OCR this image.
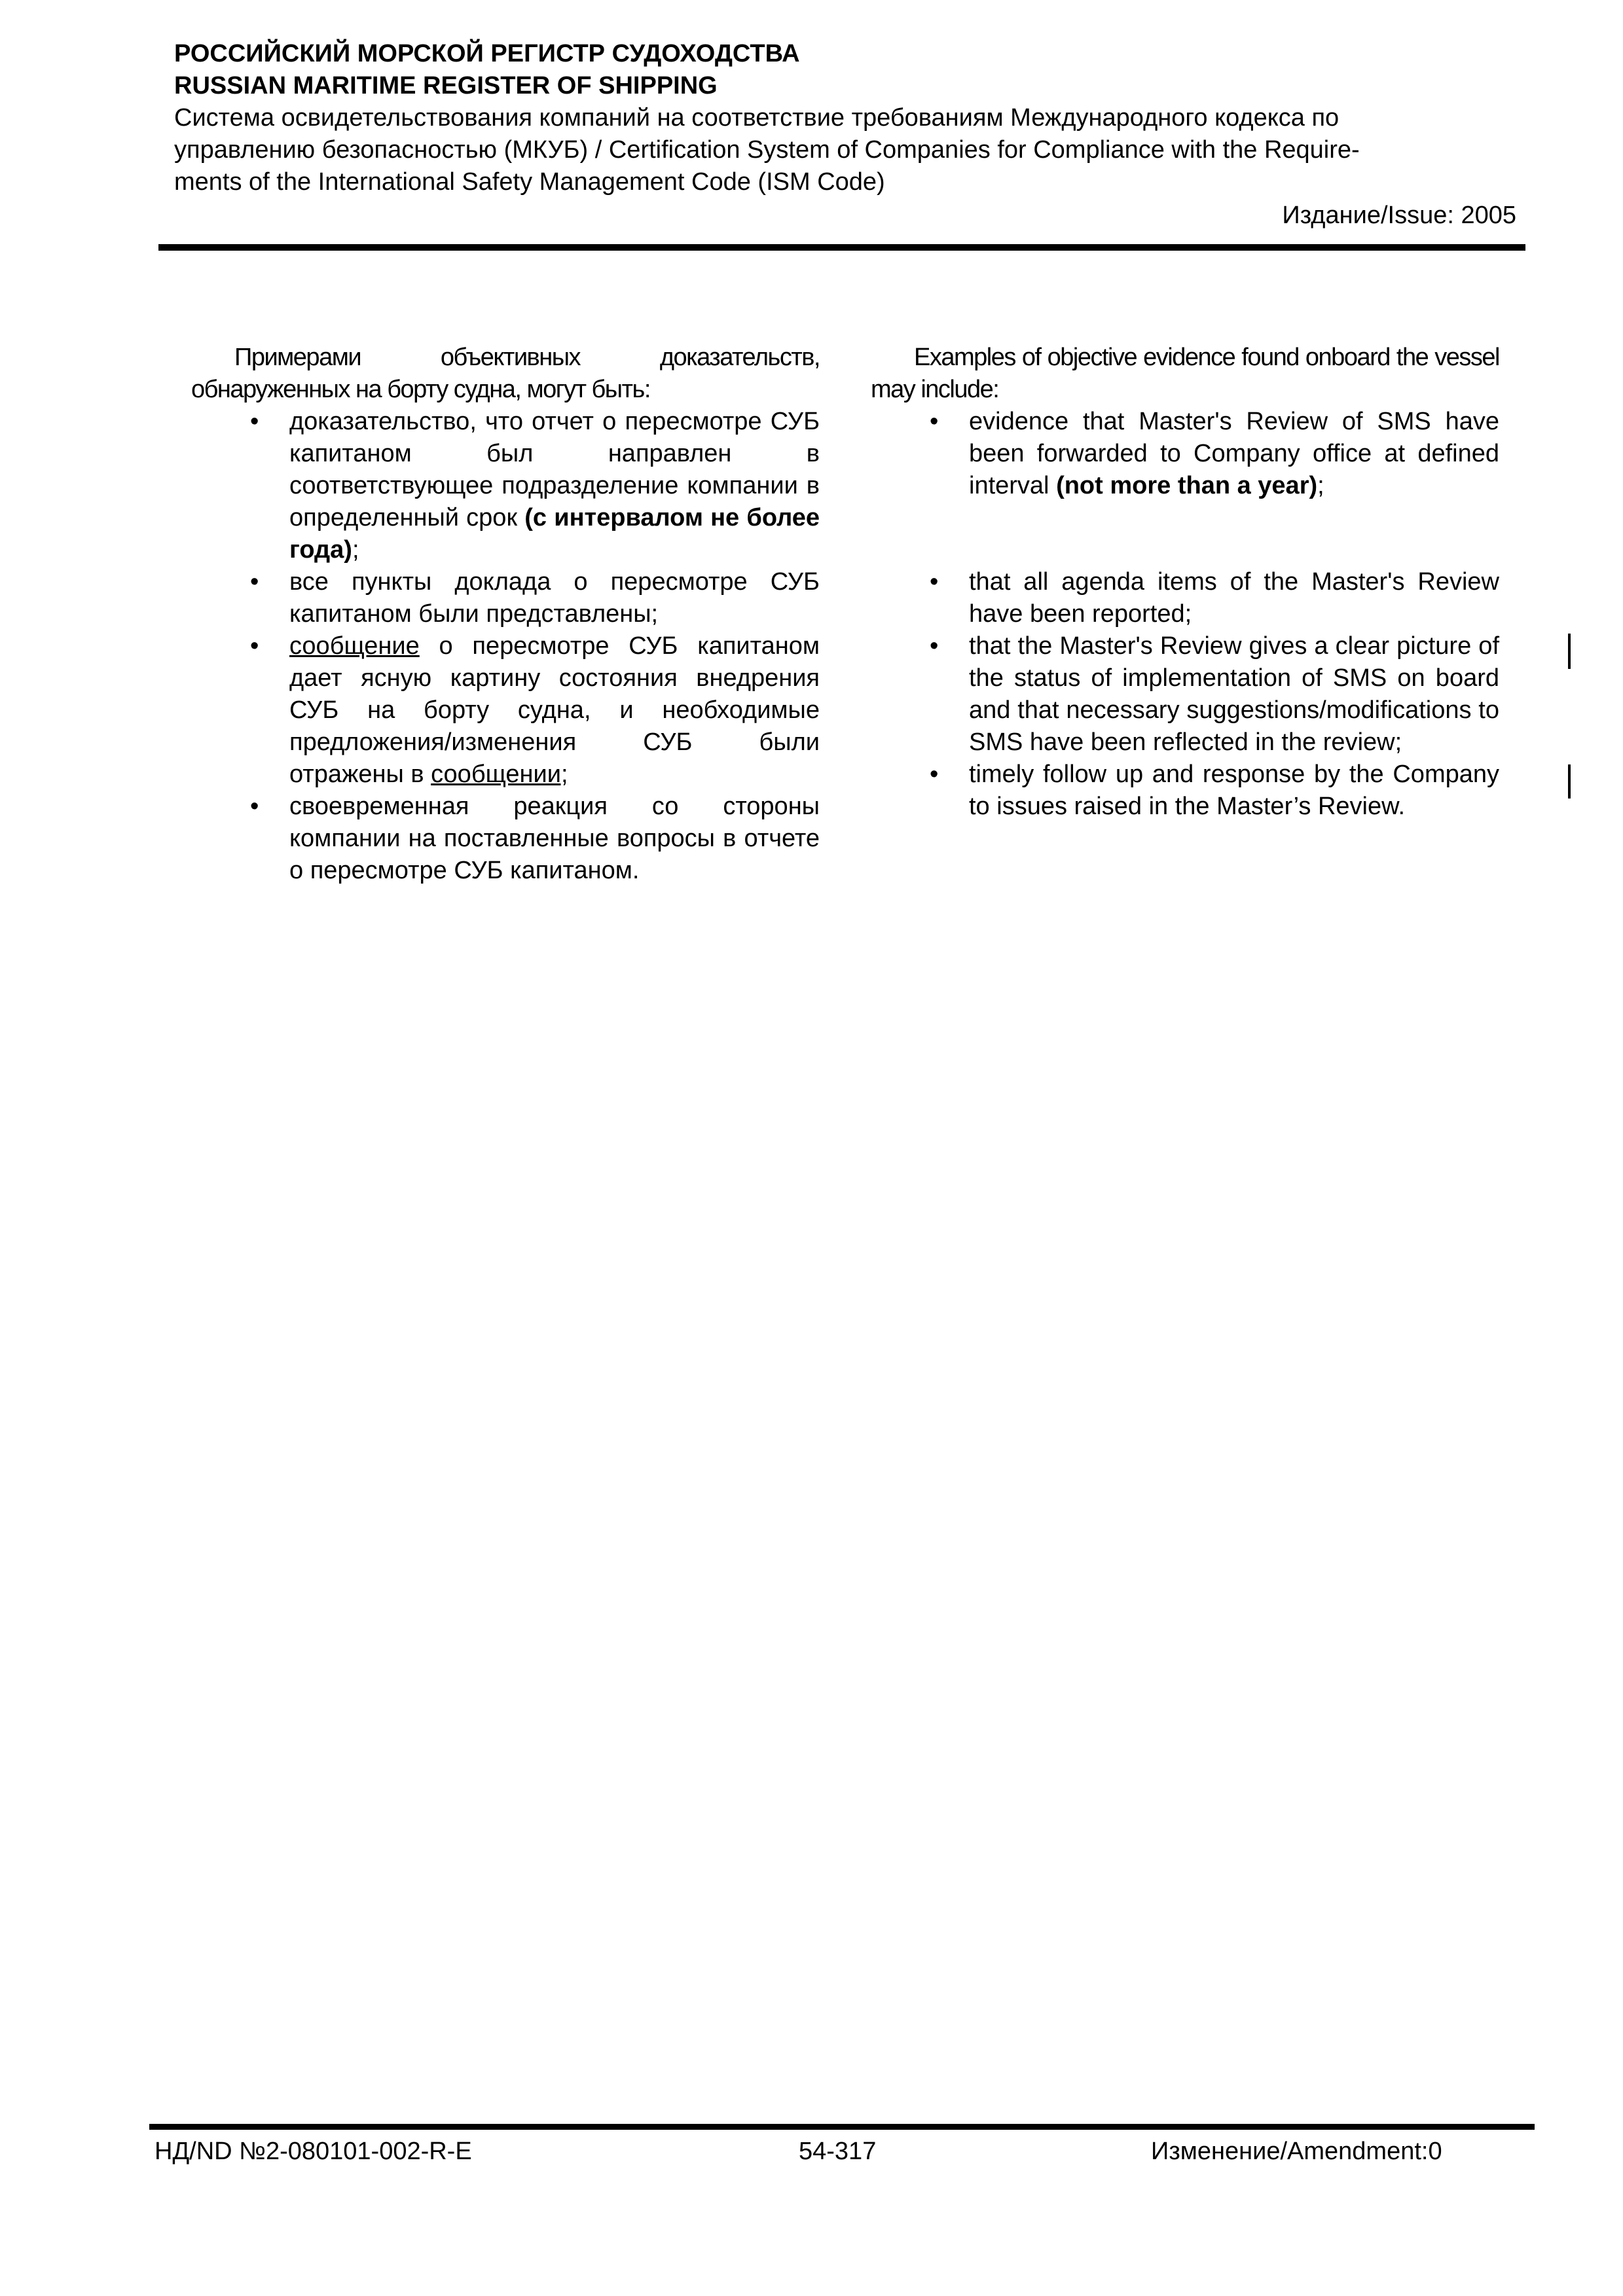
РОССИЙСКИЙ МОРСКОЙ РЕГИСТР СУДОХОДСТВА

RUSSIAN MARITIME REGISTER OF SHIPPING

Система освидетельствования компаний на соответствие требованиям Международного кодекса по

управлению безопасностью (МКУБ) / Certification System of Companies for Compliance with the Require-

ments of the International Safety Management Code (ISM Code)

Издание/Issue: 2005

Примерами объективных доказательств, обнаруженных на борту судна, могут быть:

• доказательство, что отчет о пересмотре СУБ капитаном был направлен в соответствующее подразделение компании в определенный срок (с интервалом не более года);
• все пункты доклада о пересмотре СУБ капитаном были представлены;
• сообщение о пересмотре СУБ капитаном дает ясную картину состояния внедрения СУБ на борту судна, и необходимые предложения/изменения СУБ были отражены в сообщении;
• своевременная реакция со стороны компании на поставленные вопросы в отчете о пересмотре СУБ капитаном.

Examples of objective evidence found onboard the vessel may include:

• evidence that Master's Review of SMS have been forwarded to Company office at defined interval (not more than a year);
• that all agenda items of the Master's Review have been reported;
• that the Master's Review gives a clear picture of the status of implementation of SMS on board and that necessary suggestions/modifications to SMS have been reflected in the review;
• timely follow up and response by the Company to issues raised in the Master’s Review.
НД/ND №2-080101-002-R-E	54-317	Изменение/Amendment:0
